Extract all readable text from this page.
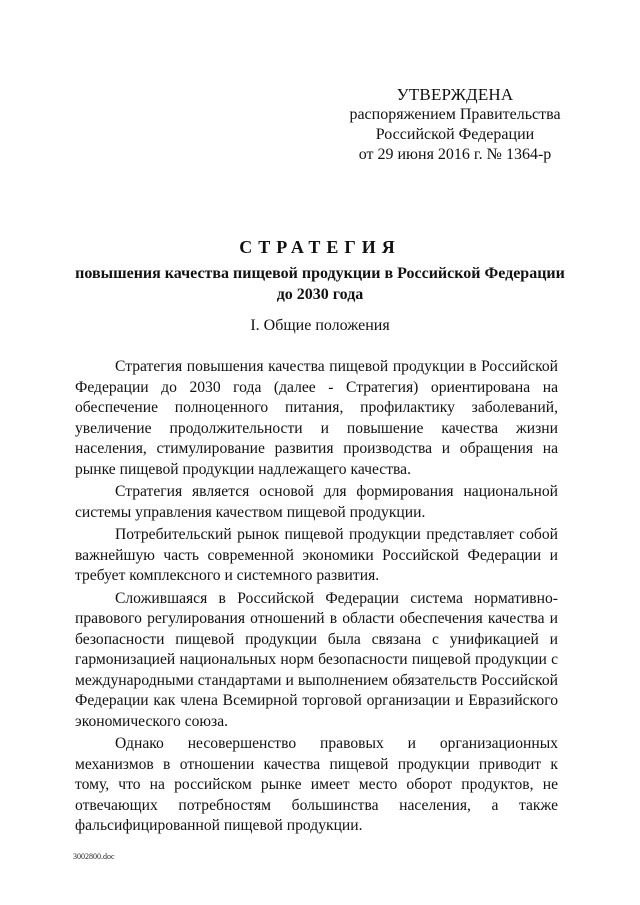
УТВЕРЖДЕНА
распоряжением Правительства
Российской Федерации
от 29 июня 2016 г. № 1364-р
СТРАТЕГИЯ
повышения качества пищевой продукции в Российской Федерации
до 2030 года
I. Общие положения

Стратегия повышения качества пищевой продукции в Российской Федерации до 2030 года (далее - Стратегия) ориентирована на обеспечение полноценного питания, профилактику заболеваний, увеличение продолжительности и повышение качества жизни населения, стимулирование развития производства и обращения на рынке пищевой продукции надлежащего качества.

Стратегия является основой для формирования национальной системы управления качеством пищевой продукции.

Потребительский рынок пищевой продукции представляет собой важнейшую часть современной экономики Российской Федерации и требует комплексного и системного развития.

Сложившаяся в Российской Федерации система нормативно-правового регулирования отношений в области обеспечения качества и безопасности пищевой продукции была связана с унификацией и гармонизацией национальных норм безопасности пищевой продукции с международными стандартами и выполнением обязательств Российской Федерации как члена Всемирной торговой организации и Евразийского экономического союза.

Однако несовершенство правовых и организационных механизмов в отношении качества пищевой продукции приводит к тому, что на российском рынке имеет место оборот продуктов, не отвечающих потребностям большинства населения, а также фальсифицированной пищевой продукции.

3002800.doc
